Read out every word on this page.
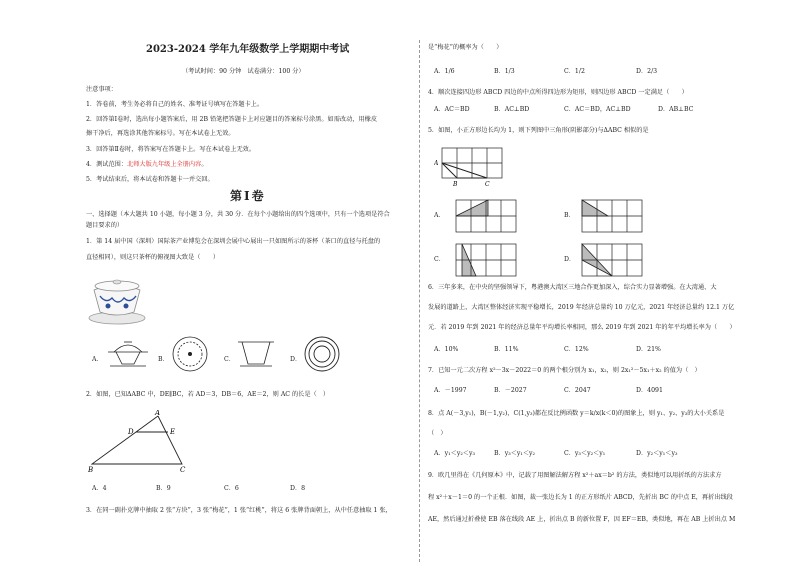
2023-2024 学年九年级数学上学期期中考试
（考试时间：90 分钟　试卷满分：100 分）
注意事项：
1．答卷前，考生务必将自己的姓名、准考证号填写在答题卡上。
2．回答第Ⅰ卷时，选出每小题答案后，用 2B 铅笔把答题卡上对应题目的答案标号涂黑。如需改动，用橡皮
擦干净后，再选涂其他答案标号。写在本试卷上无效。
3．回答第Ⅱ卷时，将答案写在答题卡上。写在本试卷上无效。
4．测试范围：北师大版九年级上全册内容。
5．考试结束后，将本试卷和答题卡一并交回。
第Ⅰ卷
一、选择题（本大题共 10 小题，每小题 3 分，共 30 分．在每个小题给出的四个选项中，只有一个选项是符合
题目要求的）
1．第 14 届中国（深圳）国际茶产业博览会在深圳会展中心展出一只如图所示的茶杯（茶口的直径与托盘的
直径相同），则这只茶杯的俯视图大致是（　　）
A．	B．	C．	D．
2．如图，已知ΔABC 中，DE∥BC，若 AD＝3，DB＝6，AE＝2，则 AC 的长是（　）
A
D	E
B	C
A．4	B．9	C．6	D．8
3．在同一副扑克牌中抽取 2 张“方块”，3 张“梅花”，1 张“红桃”，将这 6 张牌背面朝上，从中任意抽取 1 张，
是“梅花”的概率为（　　）
A．1/6	B．1/3	C．1/2	D．2/3
4．顺次连接四边形 ABCD 四边的中点所得四边形为矩形，则四边形 ABCD 一定满足（　　）
A．AC＝BD	B．AC⊥BD	C．AC＝BD，AC⊥BD	D．AB⊥BC
5．如图，小正方形边长均为 1，则下列图中三角形(阴影部分)与ΔABC 相似的是
A
B	C
A．	B．
C．	D．
6．三年多来，在中央的坚强领导下，粤港澳大湾区三地合作更加深入，综合实力显著增强。在大湾通、大
发展的道路上，大湾区整体经济实现平稳增长，2019 年经济总量约 10 万亿元，2021 年经济总量约 12.1 万亿
元．若 2019 年到 2021 年的经济总量年平均增长率相同，那么 2019 年到 2021 年的年平均增长率为（　　）
A．10%	B．11%	C．12%	D．21%
7．已知一元二次方程 x²－3x－2022＝0 的两个根分别为 x₁，x₂，则 2x₁²－5x₁＋x₂ 的值为（　）
A．－1997	B．－2027	C．2047	D．4091
8．点 A(－3,y₁)，B(－1,y₂)，C(1,y₃)都在反比例函数 y＝k/x(k＜0)的图象上，则 y₁、y₂、y₃的大小关系是
（　）
A．y₁＜y₂＜y₃	B．y₃＜y₁＜y₂	C．y₃＜y₂＜y₁	D．y₂＜y₁＜y₃
9．欧几里得在《几何原本》中，记载了用图解法解方程 x²＋ax＝b² 的方法，类似地可以用折纸的方法求方
程 x²＋x－1＝0 的一个正根．如图，裁一张边长为 1 的正方形纸片 ABCD，先折出 BC 的中点 E，再折出线段
AE，然后通过折叠使 EB 落在线段 AE 上，折出点 B 的新位置 F，因 EF＝EB，类似地，再在 AB 上折出点 M
